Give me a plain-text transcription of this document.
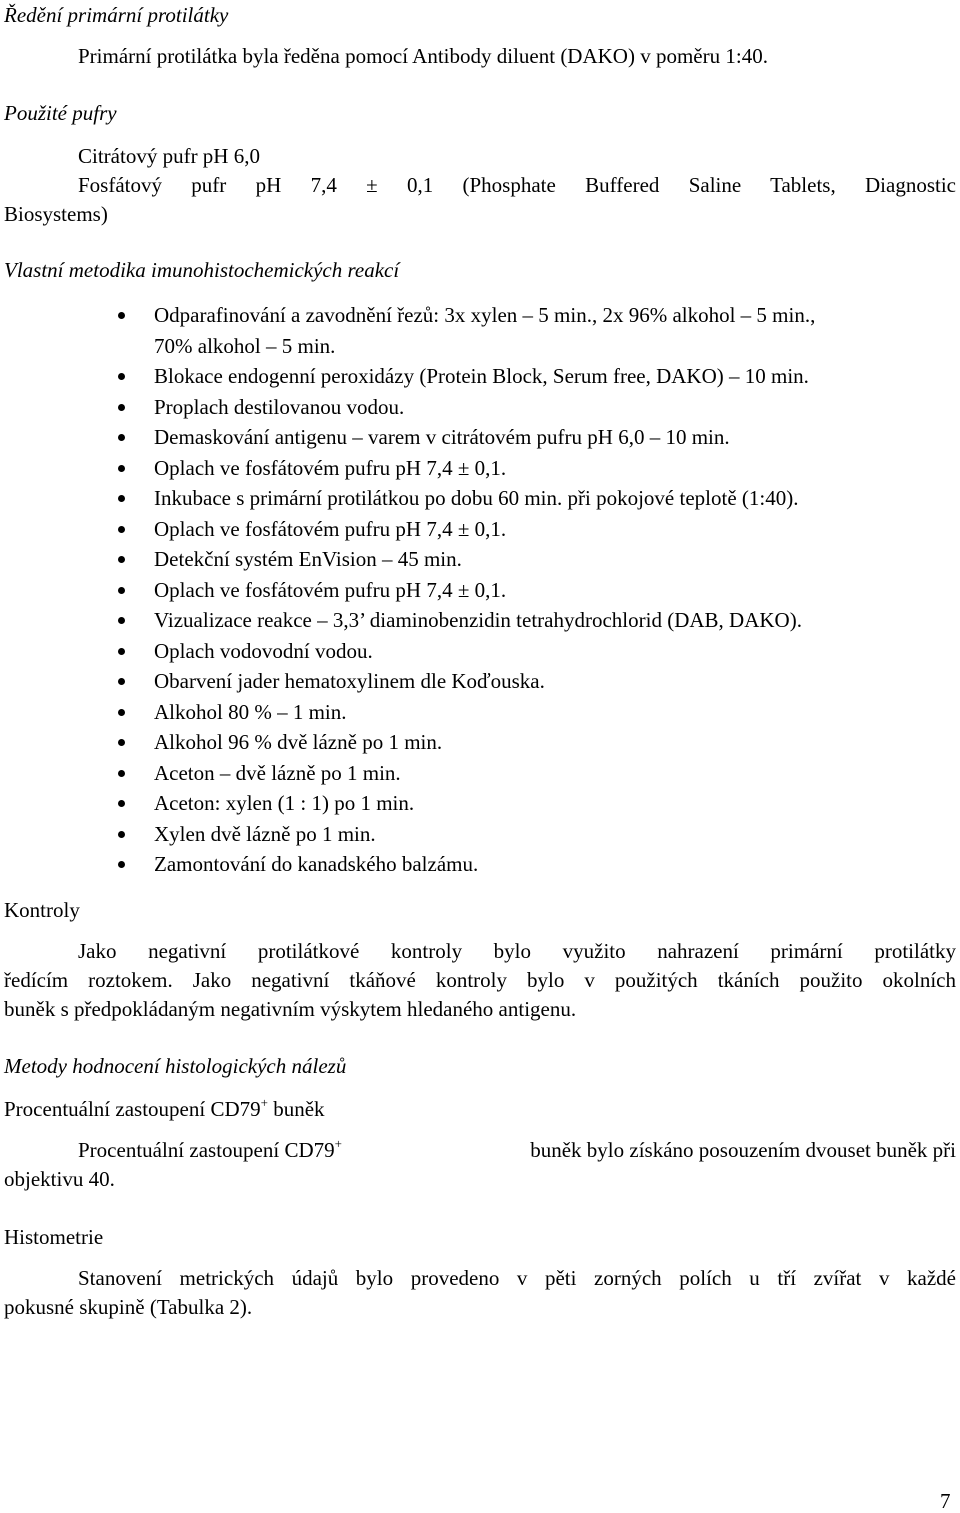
Ředění primární protilátky
Primární protilátka byla ředěna pomocí Antibody diluent (DAKO) v poměru 1:40.
Použité pufry
Citrátový pufr pH 6,0
Fosfátový pufr pH 7,4 ± 0,1 (Phosphate Buffered Saline Tablets, Diagnostic
Biosystems)
Vlastní metodika imunohistochemických reakcí
Odparafinování a zavodnění řezů: 3x xylen – 5 min., 2x 96% alkohol – 5 min.,
70% alkohol – 5 min.
Blokace endogenní peroxidázy (Protein Block, Serum free, DAKO) – 10 min.
Proplach destilovanou vodou.
Demaskování antigenu – varem v citrátovém pufru pH 6,0 – 10 min.
Oplach ve fosfátovém pufru pH 7,4 ± 0,1.
Inkubace s primární protilátkou po dobu 60 min. při pokojové teplotě (1:40).
Oplach ve fosfátovém pufru pH 7,4 ± 0,1.
Detekční systém EnVision – 45 min.
Oplach ve fosfátovém pufru pH 7,4 ± 0,1.
Vizualizace reakce – 3,3’ diaminobenzidin tetrahydrochlorid (DAB, DAKO).
Oplach vodovodní vodou.
Obarvení jader hematoxylinem dle Koďouska.
Alkohol 80 % – 1 min.
Alkohol 96 % dvě lázně po 1 min.
Aceton – dvě lázně po 1 min.
Aceton: xylen (1 : 1) po 1 min.
Xylen dvě lázně po 1 min.
Zamontování do kanadského balzámu.
Kontroly
Jako negativní protilátkové kontroly bylo využito nahrazení primární protilátky
ředícím roztokem. Jako negativní tkáňové kontroly bylo v použitých tkáních použito okolních
buněk s předpokládaným negativním výskytem hledaného antigenu.
Metody hodnocení histologických nálezů
Procentuální zastoupení CD79+ buněk
Procentuální zastoupení CD79+	buněk bylo získáno posouzením dvouset buněk při
objektivu 40.
Histometrie
Stanovení metrických údajů bylo provedeno v pěti zorných polích u tří zvířat v každé
pokusné skupině (Tabulka 2).
7
